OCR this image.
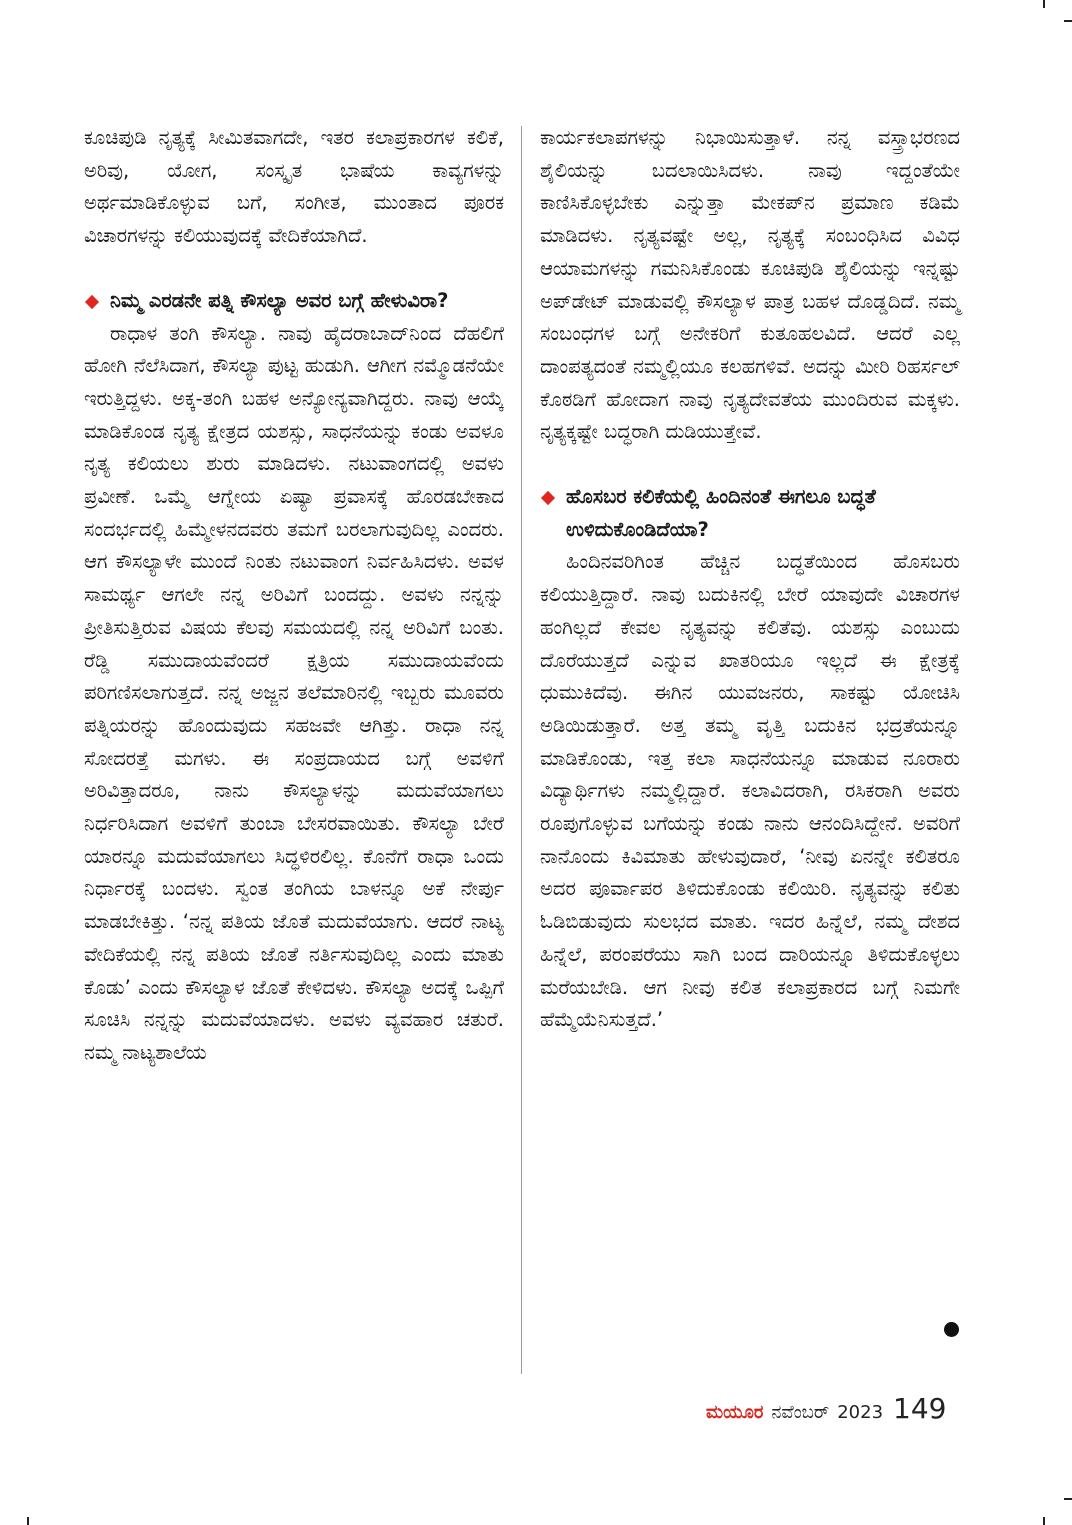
ಕೂಚಿಪುಡಿ ನೃತ್ಯಕ್ಕೆ ಸೀಮಿತವಾಗದೇ, ಇತರ ಕಲಾಪ್ರಕಾರಗಳ ಕಲಿಕೆ, ಅರಿವು, ಯೋಗ, ಸಂಸ್ಕೃತ ಭಾಷೆಯ ಕಾವ್ಯಗಳನ್ನು ಅರ್ಥಮಾಡಿಕೊಳ್ಳುವ ಬಗೆ, ಸಂಗೀತ, ಮುಂತಾದ ಪೂರಕ ವಿಚಾರಗಳನ್ನು ಕಲಿಯುವುದಕ್ಕೆ ವೇದಿಕೆಯಾಗಿದೆ.

ನಿಮ್ಮ ಎರಡನೇ ಪತ್ನಿ ಕೌಸಲ್ಯಾ ಅವರ ಬಗ್ಗೆ ಹೇಳುವಿರಾ?

ರಾಧಾಳ ತಂಗಿ ಕೌಸಲ್ಯಾ. ನಾವು ಹೈದರಾಬಾದ್‌ನಿಂದ ದೆಹಲಿಗೆ ಹೋಗಿ ನೆಲೆಸಿದಾಗ, ಕೌಸಲ್ಯಾ ಪುಟ್ಟ ಹುಡುಗಿ. ಆಗೀಗ ನಮ್ಮೊಡನೆಯೇ ಇರುತ್ತಿದ್ದಳು. ಅಕ್ಕ-ತಂಗಿ ಬಹಳ ಅನ್ಯೋನ್ಯವಾಗಿದ್ದರು. ನಾವು ಆಯ್ಕೆ ಮಾಡಿಕೊಂಡ ನೃತ್ಯ ಕ್ಷೇತ್ರದ ಯಶಸ್ಸು, ಸಾಧನೆಯನ್ನು ಕಂಡು ಅವಳೂ ನೃತ್ಯ ಕಲಿಯಲು ಶುರು ಮಾಡಿದಳು. ನಟುವಾಂಗದಲ್ಲಿ ಅವಳು ಪ್ರವೀಣೆ. ಒಮ್ಮೆ ಆಗ್ನೇಯ ಏಷ್ಯಾ ಪ್ರವಾಸಕ್ಕೆ ಹೊರಡಬೇಕಾದ ಸಂದರ್ಭದಲ್ಲಿ ಹಿಮ್ಮೇಳನದವರು ತಮಗೆ ಬರಲಾಗುವುದಿಲ್ಲ ಎಂದರು. ಆಗ ಕೌಸಲ್ಯಾಳೇ ಮುಂದೆ ನಿಂತು ನಟುವಾಂಗ ನಿರ್ವಹಿಸಿದಳು. ಅವಳ ಸಾಮರ್ಥ್ಯ ಆಗಲೇ ನನ್ನ ಅರಿವಿಗೆ ಬಂದದ್ದು. ಅವಳು ನನ್ನನ್ನು ಪ್ರೀತಿಸುತ್ತಿರುವ ವಿಷಯ ಕೆಲವು ಸಮಯದಲ್ಲಿ ನನ್ನ ಅರಿವಿಗೆ ಬಂತು. ರೆಡ್ಡಿ ಸಮುದಾಯವೆಂದರೆ ಕ್ಷತ್ರಿಯ ಸಮುದಾಯವೆಂದು ಪರಿಗಣಿಸಲಾಗುತ್ತದೆ. ನನ್ನ ಅಜ್ಜನ ತಲೆಮಾರಿನಲ್ಲಿ ಇಬ್ಬರು ಮೂವರು ಪತ್ನಿಯರನ್ನು ಹೊಂದುವುದು ಸಹಜವೇ ಆಗಿತ್ತು. ರಾಧಾ ನನ್ನ ಸೋದರತ್ತೆ ಮಗಳು. ಈ ಸಂಪ್ರದಾಯದ ಬಗ್ಗೆ ಅವಳಿಗೆ ಅರಿವಿತ್ತಾದರೂ, ನಾನು ಕೌಸಲ್ಯಾಳನ್ನು ಮದುವೆಯಾಗಲು ನಿರ್ಧರಿಸಿದಾಗ ಅವಳಿಗೆ ತುಂಬಾ ಬೇಸರವಾಯಿತು. ಕೌಸಲ್ಯಾ ಬೇರೆ ಯಾರನ್ನೂ ಮದುವೆಯಾಗಲು ಸಿದ್ಧಳಿರಲಿಲ್ಲ. ಕೊನೆಗೆ ರಾಧಾ ಒಂದು ನಿರ್ಧಾರಕ್ಕೆ ಬಂದಳು. ಸ್ವಂತ ತಂಗಿಯ ಬಾಳನ್ನೂ ಅಕೆ ನೇರ್ಪು ಮಾಡಬೇಕಿತ್ತು. ‘ನನ್ನ ಪತಿಯ ಜೊತೆ ಮದುವೆಯಾಗು. ಆದರೆ ನಾಟ್ಯ ವೇದಿಕೆಯಲ್ಲಿ ನನ್ನ ಪತಿಯ ಜೊತೆ ನರ್ತಿಸುವುದಿಲ್ಲ ಎಂದು ಮಾತು ಕೊಡು’ ಎಂದು ಕೌಸಲ್ಯಾಳ ಜೊತೆ ಕೇಳಿದಳು. ಕೌಸಲ್ಯಾ ಅದಕ್ಕೆ ಒಪ್ಪಿಗೆ ಸೂಚಿಸಿ ನನ್ನನ್ನು ಮದುವೆಯಾದಳು. ಅವಳು ವ್ಯವಹಾರ ಚತುರೆ. ನಮ್ಮ ನಾಟ್ಯಶಾಲೆಯ

ಕಾರ್ಯಕಲಾಪಗಳನ್ನು ನಿಭಾಯಿಸುತ್ತಾಳೆ. ನನ್ನ ವಸ್ತ್ರಾಭರಣದ ಶೈಲಿಯನ್ನು ಬದಲಾಯಿಸಿದಳು. ನಾವು ಇದ್ದಂತೆಯೇ ಕಾಣಿಸಿಕೊಳ್ಳಬೇಕು ಎನ್ನುತ್ತಾ ಮೇಕಪ್‌ನ ಪ್ರಮಾಣ ಕಡಿಮೆ ಮಾಡಿದಳು. ನೃತ್ಯವಷ್ಟೇ ಅಲ್ಲ, ನೃತ್ಯಕ್ಕೆ ಸಂಬಂಧಿಸಿದ ವಿವಿಧ ಆಯಾಮಗಳನ್ನು ಗಮನಿಸಿಕೊಂಡು ಕೂಚಿಪುಡಿ ಶೈಲಿಯನ್ನು ಇನ್ನಷ್ಟು ಅಪ್‌ಡೇಟ್ ಮಾಡುವಲ್ಲಿ ಕೌಸಲ್ಯಾಳ ಪಾತ್ರ ಬಹಳ ದೊಡ್ಡದಿದೆ. ನಮ್ಮ ಸಂಬಂಧಗಳ ಬಗ್ಗೆ ಅನೇಕರಿಗೆ ಕುತೂಹಲವಿದೆ. ಆದರೆ ಎಲ್ಲ ದಾಂಪತ್ಯದಂತೆ ನಮ್ಮಲ್ಲಿಯೂ ಕಲಹಗಳಿವೆ. ಅದನ್ನು ಮೀರಿ ರಿಹರ್ಸಲ್ ಕೊಠಡಿಗೆ ಹೋದಾಗ ನಾವು ನೃತ್ಯದೇವತೆಯ ಮುಂದಿರುವ ಮಕ್ಕಳು. ನೃತ್ಯಕ್ಕಷ್ಟೇ ಬದ್ಧರಾಗಿ ದುಡಿಯುತ್ತೇವೆ.

ಹೊಸಬರ ಕಲಿಕೆಯಲ್ಲಿ ಹಿಂದಿನಂತೆ ಈಗಲೂ ಬದ್ಧತೆ ಉಳಿದುಕೊಂಡಿದೆಯಾ?

ಹಿಂದಿನವರಿಗಿಂತ ಹೆಚ್ಚಿನ ಬದ್ಧತೆಯಿಂದ ಹೊಸಬರು ಕಲಿಯುತ್ತಿದ್ದಾರೆ. ನಾವು ಬದುಕಿನಲ್ಲಿ ಬೇರೆ ಯಾವುದೇ ವಿಚಾರಗಳ ಹಂಗಿಲ್ಲದೆ ಕೇವಲ ನೃತ್ಯವನ್ನು ಕಲಿತೆವು. ಯಶಸ್ಸು ಎಂಬುದು ದೊರೆಯುತ್ತದೆ ಎನ್ನುವ ಖಾತರಿಯೂ ಇಲ್ಲದೆ ಈ ಕ್ಷೇತ್ರಕ್ಕೆ ಧುಮುಕಿದೆವು. ಈಗಿನ ಯುವಜನರು, ಸಾಕಷ್ಟು ಯೋಚಿಸಿ ಅಡಿಯಿಡುತ್ತಾರೆ. ಅತ್ತ ತಮ್ಮ ವೃತ್ತಿ ಬದುಕಿನ ಭದ್ರತೆಯನ್ನೂ ಮಾಡಿಕೊಂಡು, ಇತ್ತ ಕಲಾ ಸಾಧನೆಯನ್ನೂ ಮಾಡುವ ನೂರಾರು ವಿದ್ಯಾರ್ಥಿಗಳು ನಮ್ಮಲ್ಲಿದ್ದಾರೆ. ಕಲಾವಿದರಾಗಿ, ರಸಿಕರಾಗಿ ಅವರು ರೂಪುಗೊಳ್ಳುವ ಬಗೆಯನ್ನು ಕಂಡು ನಾನು ಆನಂದಿಸಿದ್ದೇನೆ. ಅವರಿಗೆ ನಾನೊಂದು ಕಿವಿಮಾತು ಹೇಳುವುದಾರೆ, ‘ನೀವು ಏನನ್ನೇ ಕಲಿತರೂ ಅದರ ಪೂರ್ವಾಪರ ತಿಳಿದುಕೊಂಡು ಕಲಿಯಿರಿ. ನೃತ್ಯವನ್ನು ಕಲಿತು ಓಡಿಬಿಡುವುದು ಸುಲಭದ ಮಾತು. ಇದರ ಹಿನ್ನೆಲೆ, ನಮ್ಮ ದೇಶದ ಹಿನ್ನೆಲೆ, ಪರಂಪರೆಯು ಸಾಗಿ ಬಂದ ದಾರಿಯನ್ನೂ ತಿಳಿದುಕೊಳ್ಳಲು ಮರೆಯಬೇಡಿ. ಆಗ ನೀವು ಕಲಿತ ಕಲಾಪ್ರಕಾರದ ಬಗ್ಗೆ ನಿಮಗೇ ಹೆಮ್ಮೆಯೆನಿಸುತ್ತದೆ.’

ಮಯೂರ ನವೆಂಬರ್ 2023 149
